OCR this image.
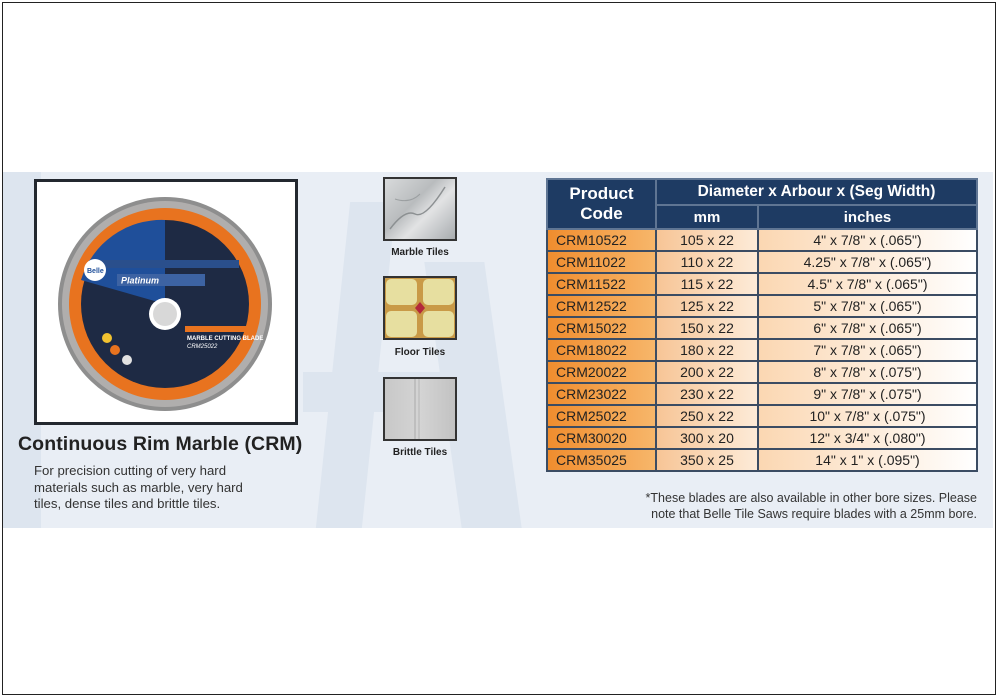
Platinum
Belle
MARBLE CUTTING BLADE
CRM25022
Continuous Rim Marble (CRM)
For precision cutting of very hard
materials such as marble, very hard
tiles, dense tiles and brittle tiles.
Marble Tiles
Floor Tiles
Brittle Tiles
Product
Code	Diameter x Arbour x (Seg Width)	
	mm	inches
CRM10522	105 x 22	4" x 7/8" x (.065")
CRM11022	110 x 22	4.25" x 7/8" x (.065")
CRM11522	115 x 22	4.5" x 7/8" x (.065")
CRM12522	125 x 22	5" x 7/8" x (.065")
CRM15022	150 x 22	6" x 7/8" x (.065")
CRM18022	180 x 22	7" x 7/8" x (.065")
CRM20022	200 x 22	8" x 7/8" x (.075")
CRM23022	230 x 22	9" x 7/8" x (.075")
CRM25022	250 x 22	10" x 7/8" x (.075")
CRM30020	300 x 20	12" x 3/4" x (.080")
CRM35025	350 x 25	14" x 1" x (.095")
*These blades are also available in other bore sizes. Please
note that Belle Tile Saws require blades with a 25mm bore.
